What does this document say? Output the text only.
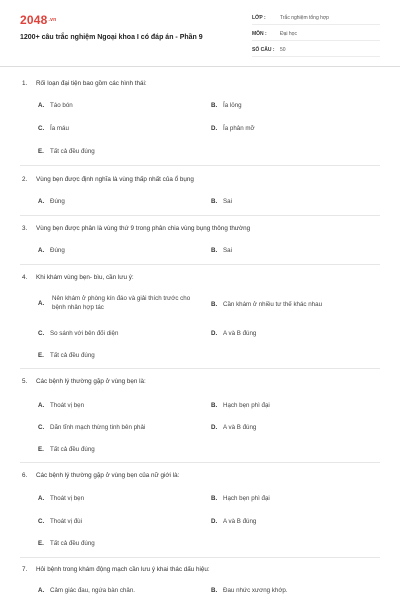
$2048^{.vn}$
1200+ câu trắc nghiệm Ngoại khoa I có đáp án - Phần 9
LỚP :	Trắc nghiệm tổng hợp
MÔN :	Đại học
SỐ CÂU :	50
1. Rối loạn đại tiện bao gồm các hình thái:
A. Táo bón	B. Ỉa lỏng
C. Ỉa máu	D. Ỉa phân mỡ
E. Tất cả đều đúng
2. Vùng bẹn được định nghĩa là vùng thấp nhất của ổ bụng
A. Đúng	B. Sai
3. Vùng bẹn được phân là vùng thứ 9 trong phân chia vùng bụng thông thường
A. Đúng	B. Sai
4. Khi khám vùng bẹn- bìu, cần lưu ý:
A.
Nên khám ở phòng kín đáo và giải thích trước cho bệnh nhân hợp tác	B. Cần khám ở nhiều tư thế khác nhau
C. So sánh với bên đối diện	D. A và B đúng
E. Tất cả đều đúng
5. Các bệnh lý thường gặp ở vùng bẹn là:
A. Thoát vị bẹn	B. Hạch bẹn phì đại
C. Dãn tĩnh mạch thừng tinh bên phải	D. A và B đúng
E. Tất cả đều đúng
6. Các bệnh lý thường gặp ở vùng bẹn của nữ giới là:
A. Thoát vị bẹn	B. Hạch bẹn phì đại
C. Thoát vị đùi	D. A và B đúng
E. Tất cả đều đúng
7. Hỏi bệnh trong khám động mạch cần lưu ý khai thác dấu hiệu:
A. Cảm giác đau, ngứa bàn chân.	B. Đau nhức xương khớp.
